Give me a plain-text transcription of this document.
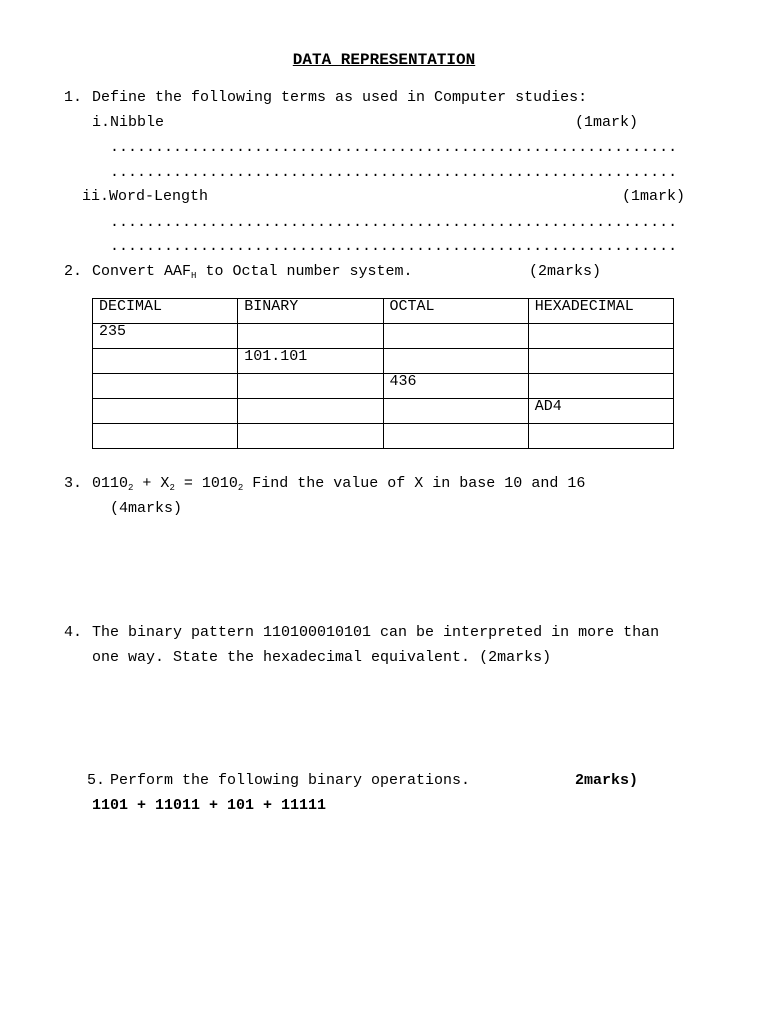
DATA REPRESENTATION
1. Define the following terms as used in Computer studies:
i.Nibble	(1mark)
...............................................................
...............................................................
ii.Word-Length	(1mark)
...............................................................
...............................................................
2. Convert $AAF_H$ to Octal number system.	(2marks)
DECIMAL	BINARY	OCTAL	HEXADECIMAL
235			
	101.101		
		436	
			AD4

3. $0110_2 + X_2 = 1010_2$ Find the value of X in base 10 and 16
(4marks)
4. The binary pattern 110100010101 can be interpreted in more than
one way. State the hexadecimal equivalent. (2marks)
5. Perform the following binary operations.	2marks)
1101 + 11011 + 101 + 11111
